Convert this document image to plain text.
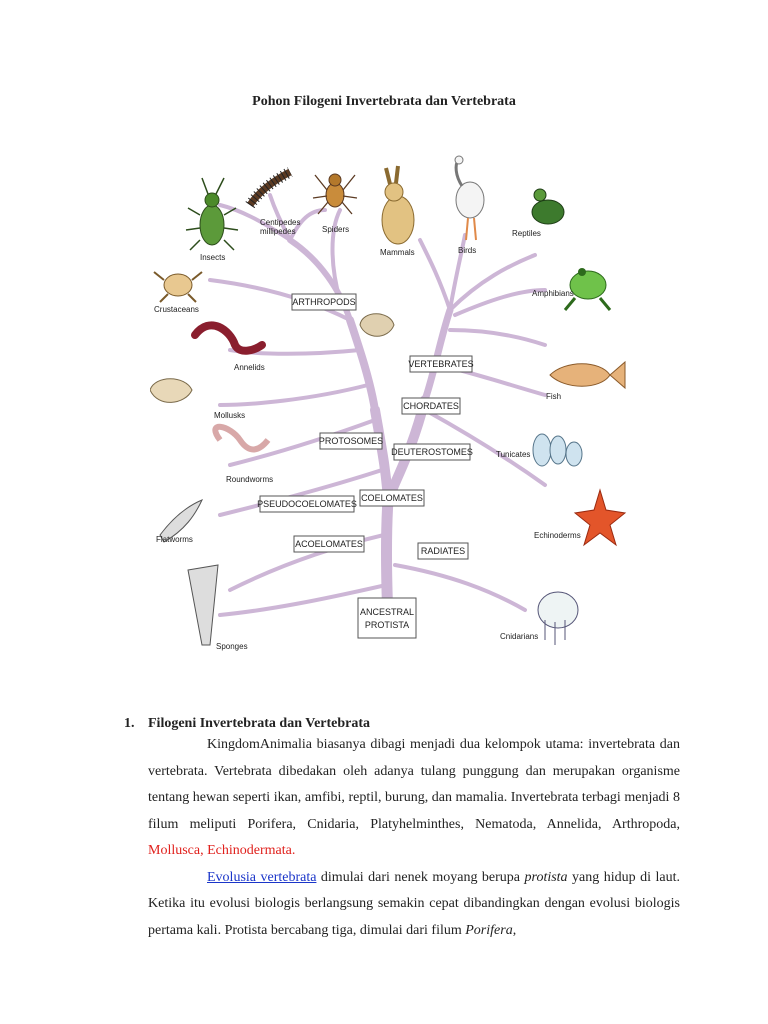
Pohon Filogeni Invertebrata dan Vertebrata
ARTHROPODS
VERTEBRATES
CHORDATES
PROTOSOMES
DEUTEROSTOMES
COELOMATES
PSEUDOCOELOMATES
ACOELOMATES
RADIATES
ANCESTRAL
PROTISTA
Insects
Centipedes
millipedes	Spiders
Mammals	Birds
Reptiles
Amphibians
Crustaceans
Annelids
Mollusks
Fish
Tunicates
Roundworms
Flatworms	Echinoderms
Sponges
Cnidarians
1. Filogeni Invertebrata dan Vertebrata

KingdomAnimalia biasanya dibagi menjadi dua kelompok utama: invertebrata dan vertebrata. Vertebrata dibedakan oleh adanya tulang punggung dan merupakan organisme tentang hewan seperti ikan, amfibi, reptil, burung, dan mamalia. Invertebrata terbagi menjadi 8 filum meliputi Porifera, Cnidaria, Platyhelminthes, Nematoda, Annelida, Arthropoda, Mollusca, Echinodermata.

Evolusia vertebrata dimulai dari nenek moyang berupa protista yang hidup di laut. Ketika itu evolusi biologis berlangsung semakin cepat dibandingkan dengan evolusi biologis pertama kali. Protista bercabang tiga, dimulai dari filum Porifera,
